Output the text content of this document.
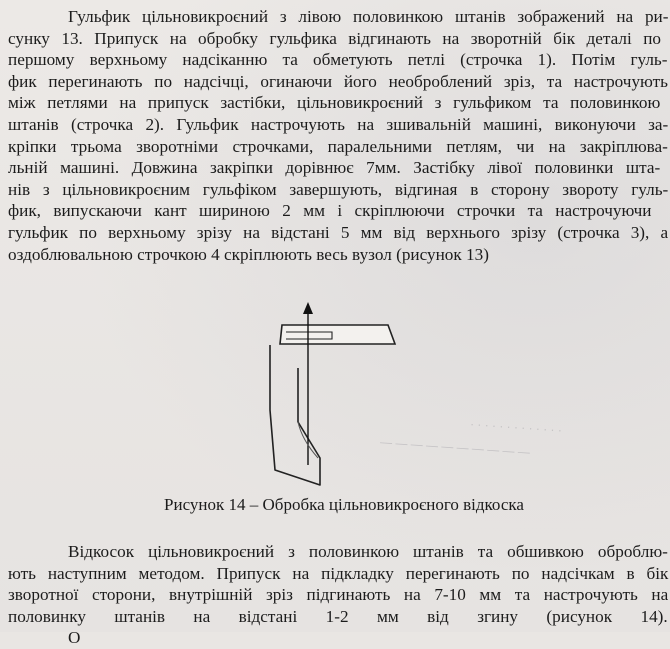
· · · · · · · · · · · · ·
— — — — — — — — — —

Гульфик цільновикроєний з лівою половинкою штанів зображений на ри-
сунку 13. Припуск на обробку гульфика відгинають на зворотній бік деталі по
першому верхньому надсіканню та обметують петлі (строчка 1). Потім гуль-
фик перегинають по надсічці, огинаючи його необроблений зріз, та настрочують
між петлями на припуск застібки, цільновикроєний з гульфиком та половинкою
штанів (строчка 2). Гульфик настрочують на зшивальній машині, виконуючи за-
кріпки трьома зворотніми строчками, паралельними петлям, чи на закріплюва-
льній машині. Довжина закріпки дорівнює 7мм. Застібку лівої половинки шта-
нів з цільновикроєним гульфіком завершують, відгиная в сторону звороту гуль-
фик, випускаючи кант шириною 2 мм і скріплюючи строчки та настрочуючи
гульфик по верхньому зрізу на відстані 5 мм від верхнього зрізу (строчка 3), а
оздоблювальною строчкою 4 скріплюють весь вузол (рисунок 13)

Рисунок 14 – Обробка цільновикроєного відкоска

Відкосок цільновикроєний з половинкою штанів та обшивкою оброблю-
ють наступним методом. Припуск на підкладку перегинають по надсічкам в бік
зворотної сторони, внутрішній зріз підгинають на 7-10 мм та настрочують на
половинку штанів на відстані 1-2 мм від згину (рисунок 14).
О
